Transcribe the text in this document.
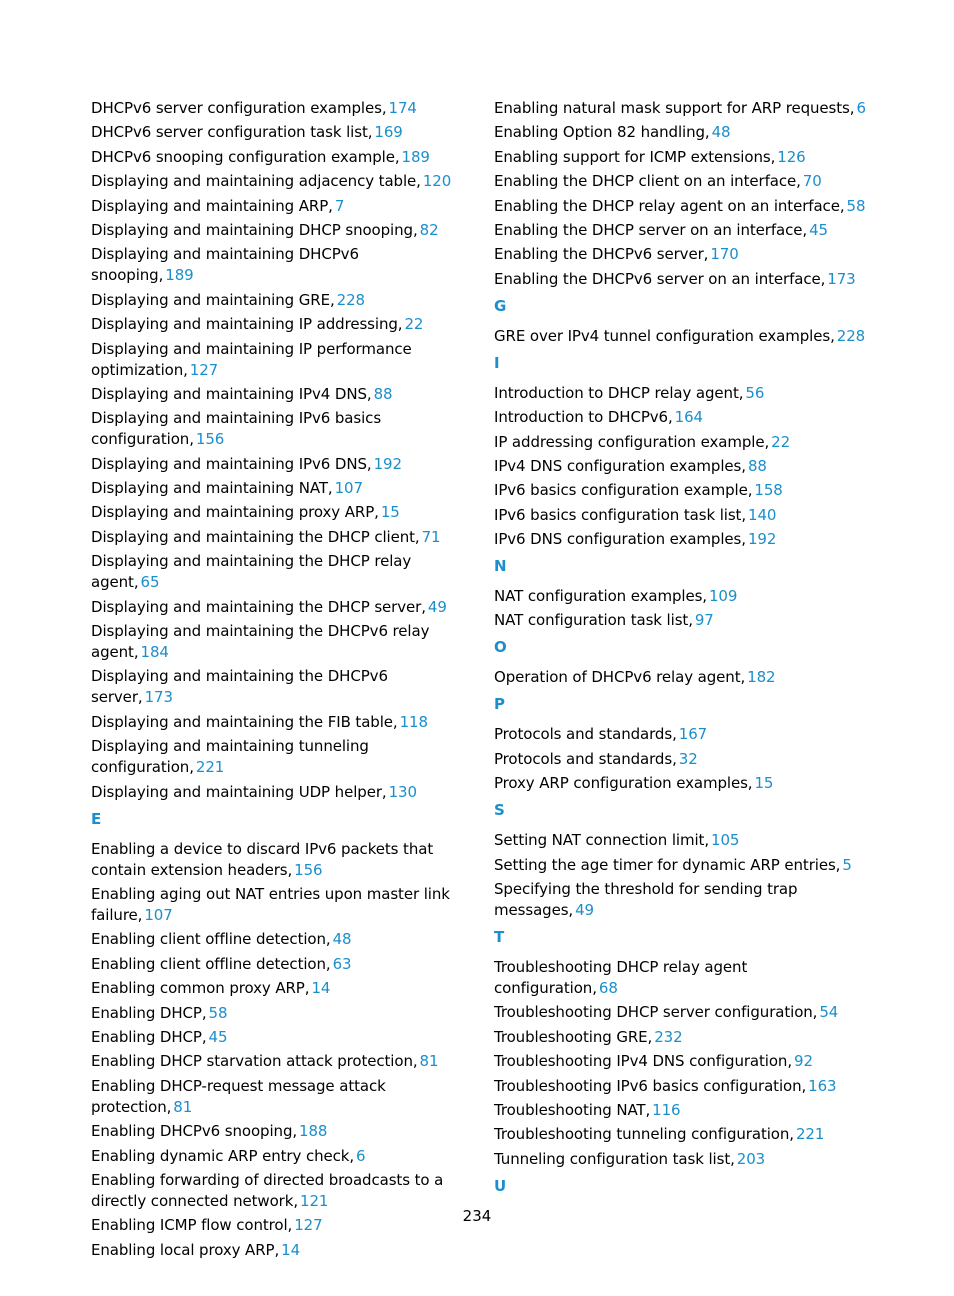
DHCPv6 server configuration examples, 174
DHCPv6 server configuration task list, 169
DHCPv6 snooping configuration example, 189
Displaying and maintaining adjacency table, 120
Displaying and maintaining ARP, 7
Displaying and maintaining DHCP snooping, 82
Displaying and maintaining DHCPv6 snooping, 189
Displaying and maintaining GRE, 228
Displaying and maintaining IP addressing, 22
Displaying and maintaining IP performance optimization, 127
Displaying and maintaining IPv4 DNS, 88
Displaying and maintaining IPv6 basics configuration, 156
Displaying and maintaining IPv6 DNS, 192
Displaying and maintaining NAT, 107
Displaying and maintaining proxy ARP, 15
Displaying and maintaining the DHCP client, 71
Displaying and maintaining the DHCP relay agent, 65
Displaying and maintaining the DHCP server, 49
Displaying and maintaining the DHCPv6 relay agent, 184
Displaying and maintaining the DHCPv6 server, 173
Displaying and maintaining the FIB table, 118
Displaying and maintaining tunneling configuration, 221
Displaying and maintaining UDP helper, 130
E
Enabling a device to discard IPv6 packets that contain extension headers, 156
Enabling aging out NAT entries upon master link failure, 107
Enabling client offline detection, 48
Enabling client offline detection, 63
Enabling common proxy ARP, 14
Enabling DHCP, 58
Enabling DHCP, 45
Enabling DHCP starvation attack protection, 81
Enabling DHCP-request message attack protection, 81
Enabling DHCPv6 snooping, 188
Enabling dynamic ARP entry check, 6
Enabling forwarding of directed broadcasts to a directly connected network, 121
Enabling ICMP flow control, 127
Enabling local proxy ARP, 14
Enabling natural mask support for ARP requests, 6
Enabling Option 82 handling, 48
Enabling support for ICMP extensions, 126
Enabling the DHCP client on an interface, 70
Enabling the DHCP relay agent on an interface, 58
Enabling the DHCP server on an interface, 45
Enabling the DHCPv6 server, 170
Enabling the DHCPv6 server on an interface, 173
G
GRE over IPv4 tunnel configuration examples, 228
I
Introduction to DHCP relay agent, 56
Introduction to DHCPv6, 164
IP addressing configuration example, 22
IPv4 DNS configuration examples, 88
IPv6 basics configuration example, 158
IPv6 basics configuration task list, 140
IPv6 DNS configuration examples, 192
N
NAT configuration examples, 109
NAT configuration task list, 97
O
Operation of DHCPv6 relay agent, 182
P
Protocols and standards, 167
Protocols and standards, 32
Proxy ARP configuration examples, 15
S
Setting NAT connection limit, 105
Setting the age timer for dynamic ARP entries, 5
Specifying the threshold for sending trap messages, 49
T
Troubleshooting DHCP relay agent configuration, 68
Troubleshooting DHCP server configuration, 54
Troubleshooting GRE, 232
Troubleshooting IPv4 DNS configuration, 92
Troubleshooting IPv6 basics configuration, 163
Troubleshooting NAT, 116
Troubleshooting tunneling configuration, 221
Tunneling configuration task list, 203
U
234
